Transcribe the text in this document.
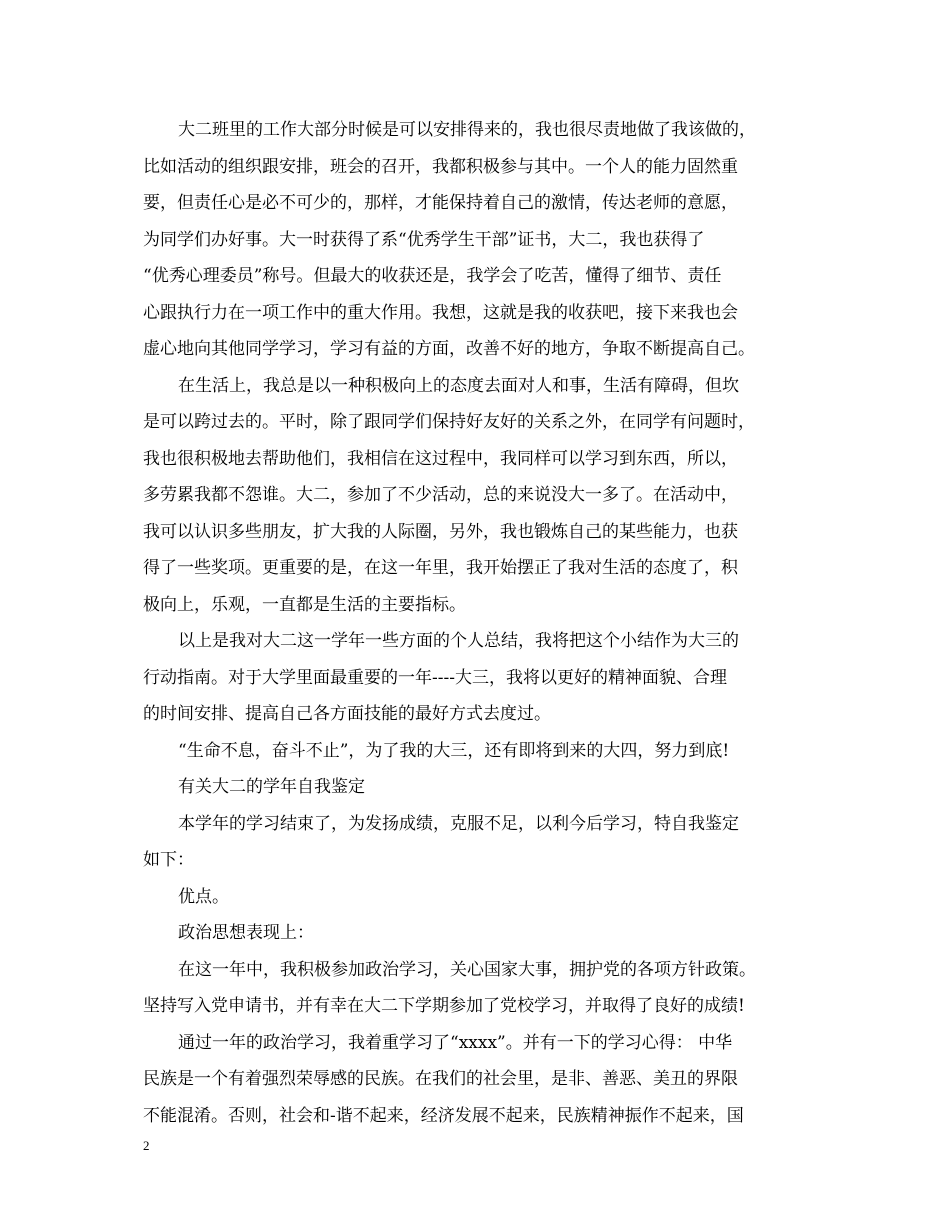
大二班里的工作大部分时候是可以安排得来的，我也很尽责地做了我该做的，
比如活动的组织跟安排，班会的召开，我都积极参与其中。一个人的能力固然重
要，但责任心是必不可少的，那样，才能保持着自己的激情，传达老师的意愿，
为同学们办好事。大一时获得了系“优秀学生干部”证书，大二，我也获得了
“优秀心理委员”称号。但最大的收获还是，我学会了吃苦，懂得了细节、责任
心跟执行力在一项工作中的重大作用。我想，这就是我的收获吧，接下来我也会
虚心地向其他同学学习，学习有益的方面，改善不好的地方，争取不断提高自己。
在生活上，我总是以一种积极向上的态度去面对人和事，生活有障碍，但坎
是可以跨过去的。平时，除了跟同学们保持好友好的关系之外，在同学有问题时，
我也很积极地去帮助他们，我相信在这过程中，我同样可以学习到东西，所以，
多劳累我都不怨谁。大二，参加了不少活动，总的来说没大一多了。在活动中，
我可以认识多些朋友，扩大我的人际圈，另外，我也锻炼自己的某些能力，也获
得了一些奖项。更重要的是，在这一年里，我开始摆正了我对生活的态度了，积
极向上，乐观，一直都是生活的主要指标。
以上是我对大二这一学年一些方面的个人总结，我将把这个小结作为大三的
行动指南。对于大学里面最重要的一年----大三，我将以更好的精神面貌、合理
的时间安排、提高自己各方面技能的最好方式去度过。
“生命不息，奋斗不止”，为了我的大三，还有即将到来的大四，努力到底!
有关大二的学年自我鉴定
本学年的学习结束了，为发扬成绩，克服不足，以利今后学习，特自我鉴定
如下：
优点。
政治思想表现上：
在这一年中，我积极参加政治学习，关心国家大事，拥护党的各项方针政策。
坚持写入党申请书，并有幸在大二下学期参加了党校学习，并取得了良好的成绩!
通过一年的政治学习，我着重学习了“xxxx”。并有一下的学习心得： 中华
民族是一个有着强烈荣辱感的民族。在我们的社会里，是非、善恶、美丑的界限
不能混淆。否则，社会和-谐不起来，经济发展不起来，民族精神振作不起来，国
2
